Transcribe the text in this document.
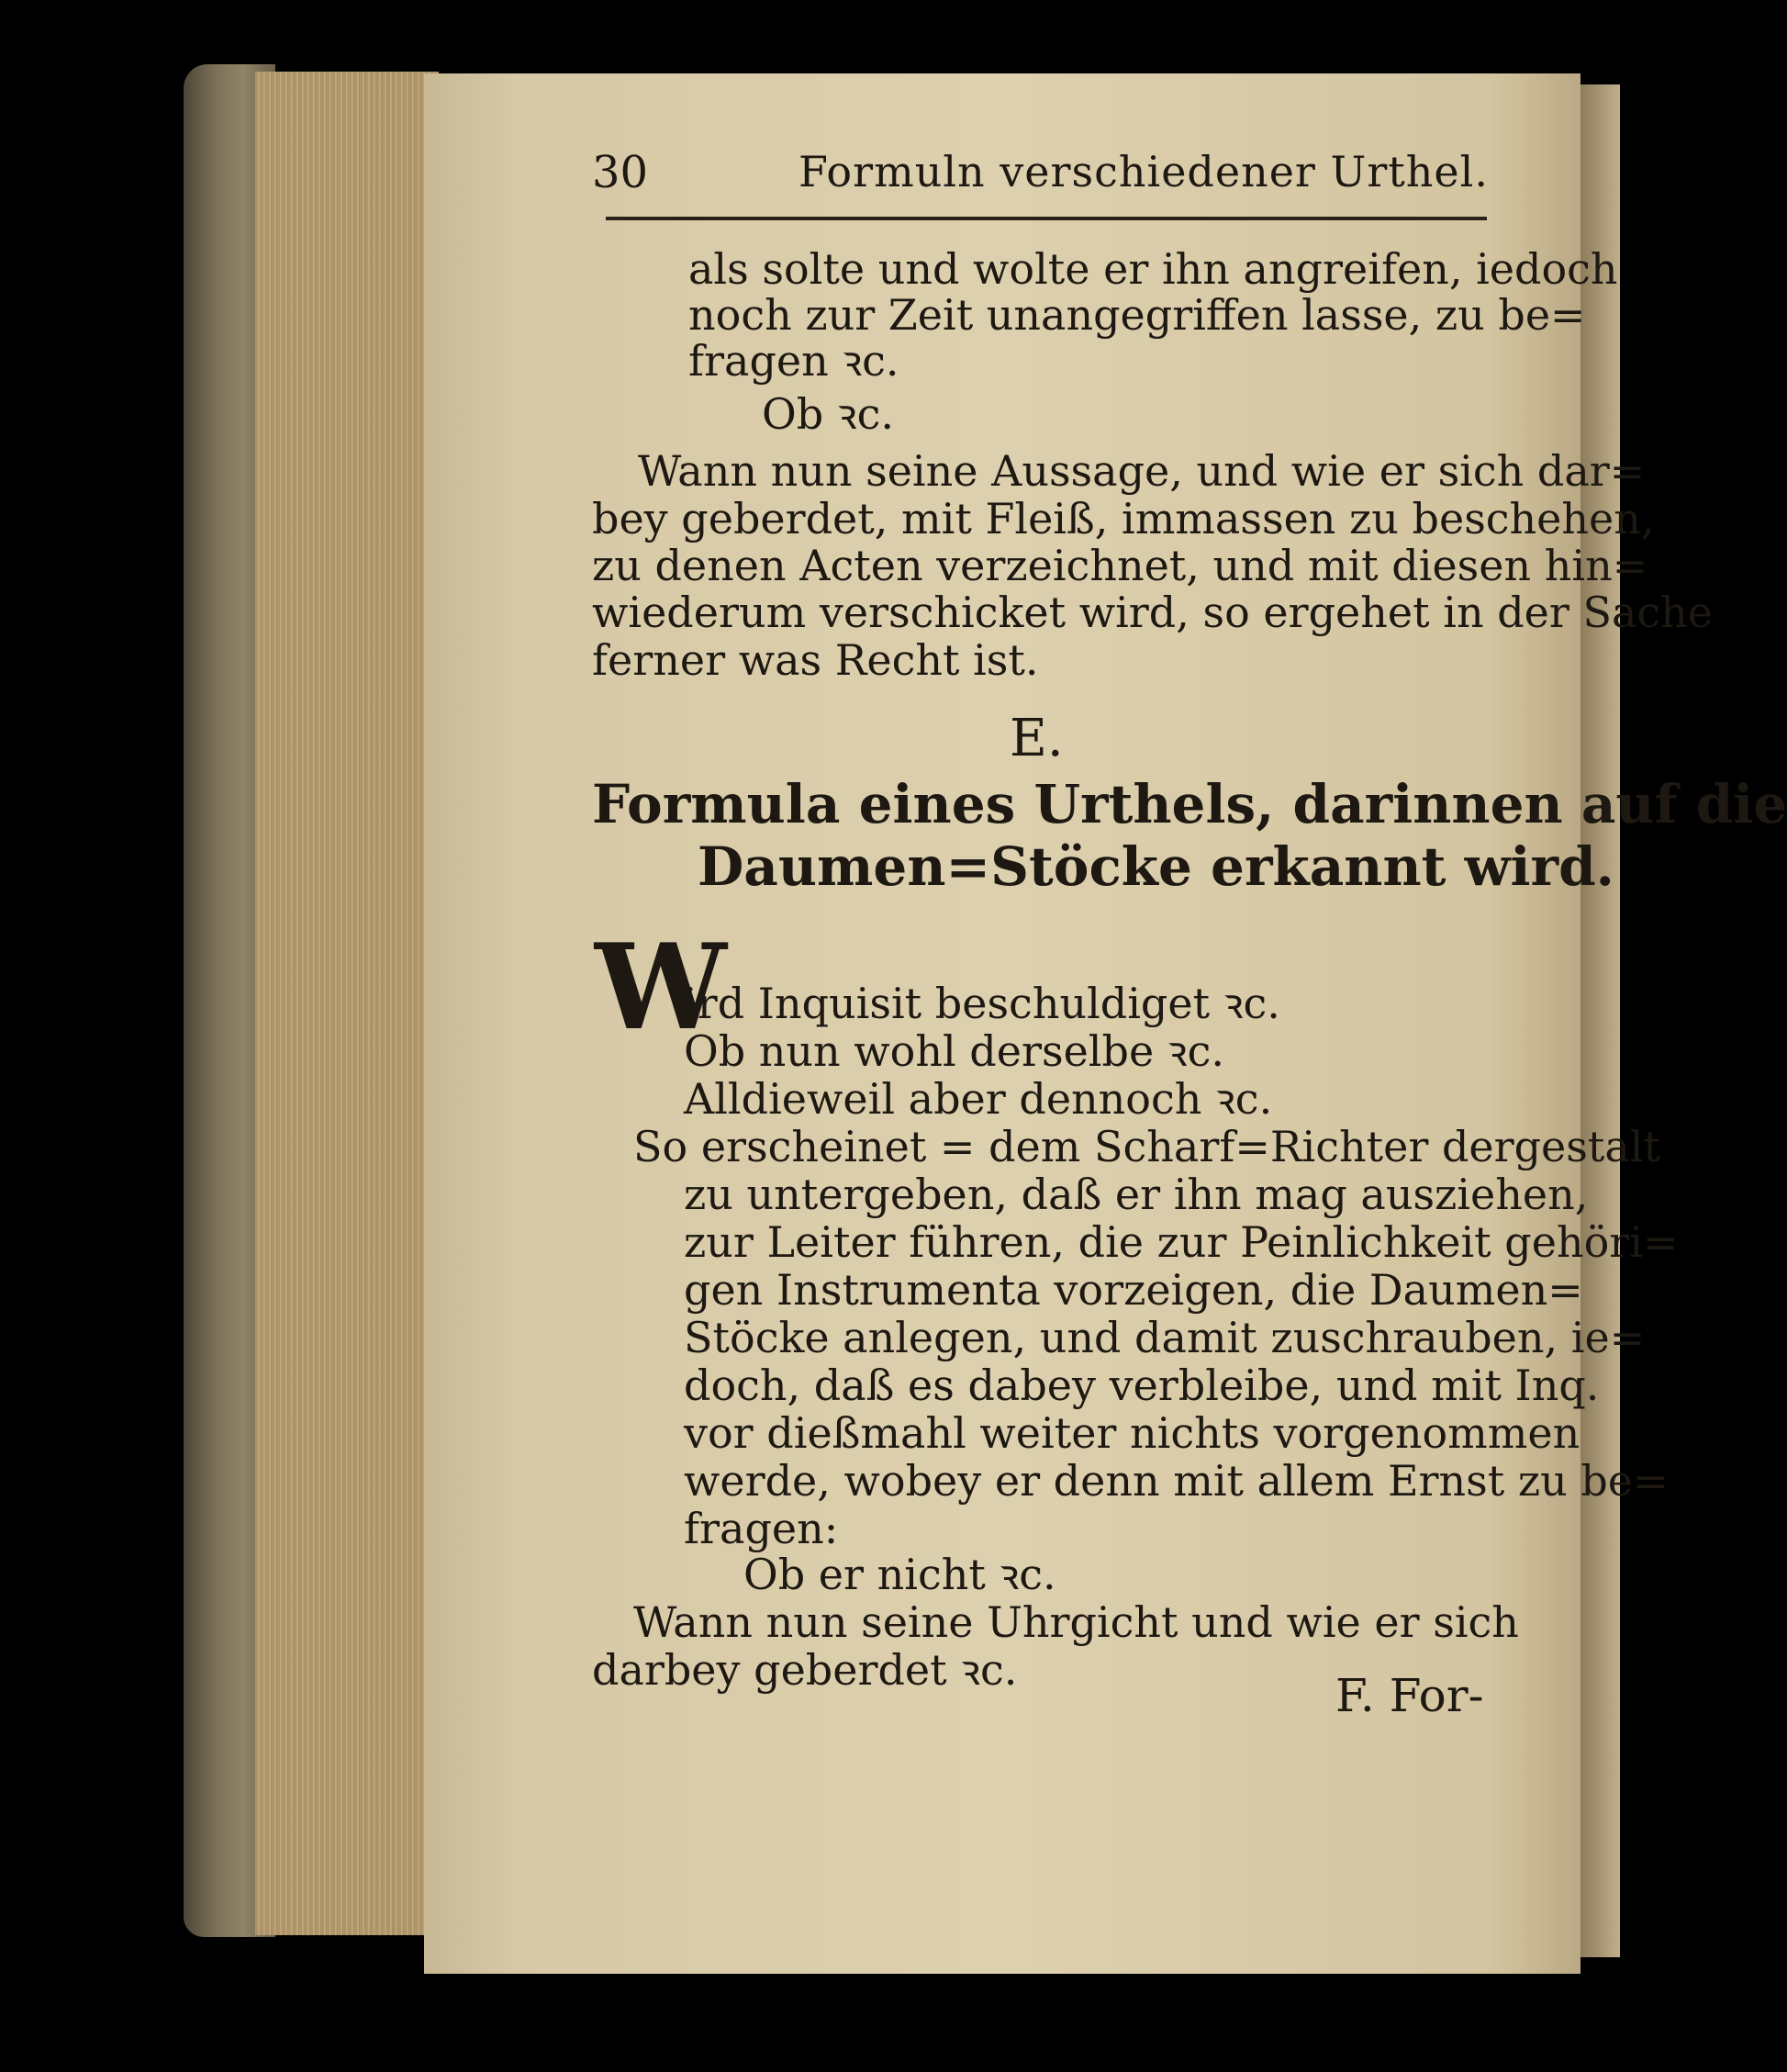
30	Formuln verschiedener Urthel.
als solte und wolte er ihn angreifen, iedoch
noch zur Zeit unangegriffen lasse, zu be=
fragen ꝛc.
Ob ꝛc.
Wann nun seine Aussage, und wie er sich dar=
bey geberdet, mit Fleiß, immassen zu beschehen,
zu denen Acten verzeichnet, und mit diesen hin=
wiederum verschicket wird, so ergehet in der Sache
ferner was Recht ist.
E.
Formula eines Urthels, darinnen auf die
Daumen=Stöcke erkannt wird.
W
ird Inquisit beschuldiget ꝛc.
Ob nun wohl derselbe ꝛc.
Alldieweil aber dennoch ꝛc.
So erscheinet = dem Scharf=Richter dergestalt
zu untergeben, daß er ihn mag ausziehen,
zur Leiter führen, die zur Peinlichkeit gehöri=
gen Instrumenta vorzeigen, die Daumen=
Stöcke anlegen, und damit zuschrauben, ie=
doch, daß es dabey verbleibe, und mit Inq.
vor dießmahl weiter nichts vorgenommen
werde, wobey er denn mit allem Ernst zu be=
fragen:
Ob er nicht ꝛc.
Wann nun seine Uhrgicht und wie er sich
darbey geberdet ꝛc.	F. For-
